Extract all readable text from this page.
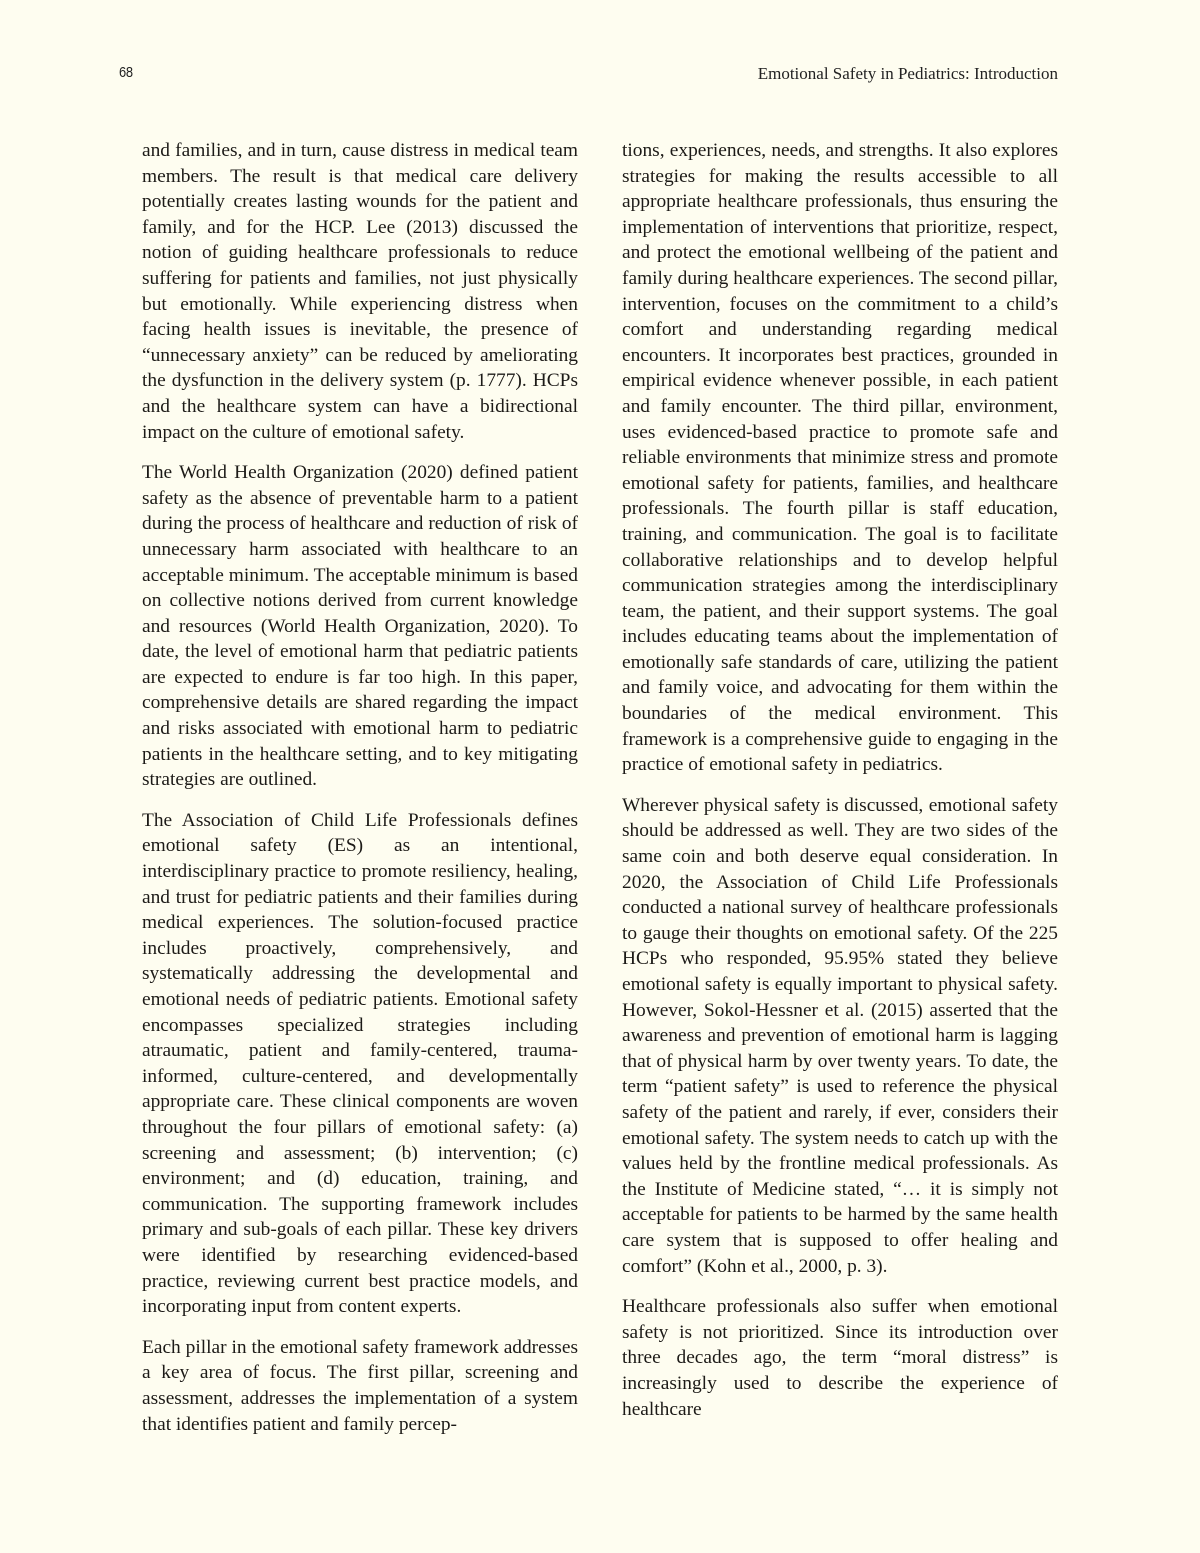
68	Emotional Safety in Pediatrics: Introduction

and families, and in turn, cause distress in medical team members. The result is that medical care delivery potentially creates lasting wounds for the patient and family, and for the HCP. Lee (2013) discussed the notion of guiding healthcare professionals to reduce suffering for patients and families, not just physically but emotionally. While experiencing distress when facing health issues is inevitable, the presence of “unnecessary anxiety” can be reduced by ameliorating the dysfunction in the delivery system (p. 1777). HCPs and the healthcare system can have a bidirectional impact on the culture of emotional safety.

The World Health Organization (2020) defined patient safety as the absence of preventable harm to a patient during the process of healthcare and reduction of risk of unnecessary harm associated with healthcare to an acceptable minimum. The acceptable minimum is based on collective notions derived from current knowledge and resources (World Health Organization, 2020). To date, the level of emotional harm that pediatric patients are expected to endure is far too high. In this paper, comprehensive details are shared regarding the impact and risks associated with emotional harm to pediatric patients in the healthcare setting, and to key mitigating strategies are outlined.

The Association of Child Life Professionals defines emotional safety (ES) as an intentional, interdisciplinary practice to promote resiliency, healing, and trust for pediatric patients and their families during medical experiences. The solution-focused practice includes proactively, comprehensively, and systematically addressing the developmental and emotional needs of pediatric patients. Emotional safety encompasses specialized strategies including atraumatic, patient and family-centered, trauma-informed, culture-centered, and developmentally appropriate care. These clinical components are woven throughout the four pillars of emotional safety: (a) screening and assessment; (b) intervention; (c) environment; and (d) education, training, and communication. The supporting framework includes primary and sub-goals of each pillar. These key drivers were identified by researching evidenced-based practice, reviewing current best practice models, and incorporating input from content experts.

Each pillar in the emotional safety framework addresses a key area of focus. The first pillar, screening and assessment, addresses the implementation of a system that identifies patient and family percep-

tions, experiences, needs, and strengths. It also explores strategies for making the results accessible to all appropriate healthcare professionals, thus ensuring the implementation of interventions that prioritize, respect, and protect the emotional wellbeing of the patient and family during healthcare experiences. The second pillar, intervention, focuses on the commitment to a child’s comfort and understanding regarding medical encounters. It incorporates best practices, grounded in empirical evidence whenever possible, in each patient and family encounter. The third pillar, environment, uses evidenced-based practice to promote safe and reliable environments that minimize stress and promote emotional safety for patients, families, and healthcare professionals. The fourth pillar is staff education, training, and communication. The goal is to facilitate collaborative relationships and to develop helpful communication strategies among the interdisciplinary team, the patient, and their support systems. The goal includes educating teams about the implementation of emotionally safe standards of care, utilizing the patient and family voice, and advocating for them within the boundaries of the medical environment. This framework is a comprehensive guide to engaging in the practice of emotional safety in pediatrics.

Wherever physical safety is discussed, emotional safety should be addressed as well. They are two sides of the same coin and both deserve equal consideration. In 2020, the Association of Child Life Professionals conducted a national survey of healthcare professionals to gauge their thoughts on emotional safety. Of the 225 HCPs who responded, 95.95% stated they believe emotional safety is equally important to physical safety. However, Sokol-Hessner et al. (2015) asserted that the awareness and prevention of emotional harm is lagging that of physical harm by over twenty years. To date, the term “patient safety” is used to reference the physical safety of the patient and rarely, if ever, considers their emotional safety. The system needs to catch up with the values held by the frontline medical professionals. As the Institute of Medicine stated, “… it is simply not acceptable for patients to be harmed by the same health care system that is supposed to offer healing and comfort” (Kohn et al., 2000, p. 3).

Healthcare professionals also suffer when emotional safety is not prioritized. Since its introduction over three decades ago, the term “moral distress” is increasingly used to describe the experience of healthcare
